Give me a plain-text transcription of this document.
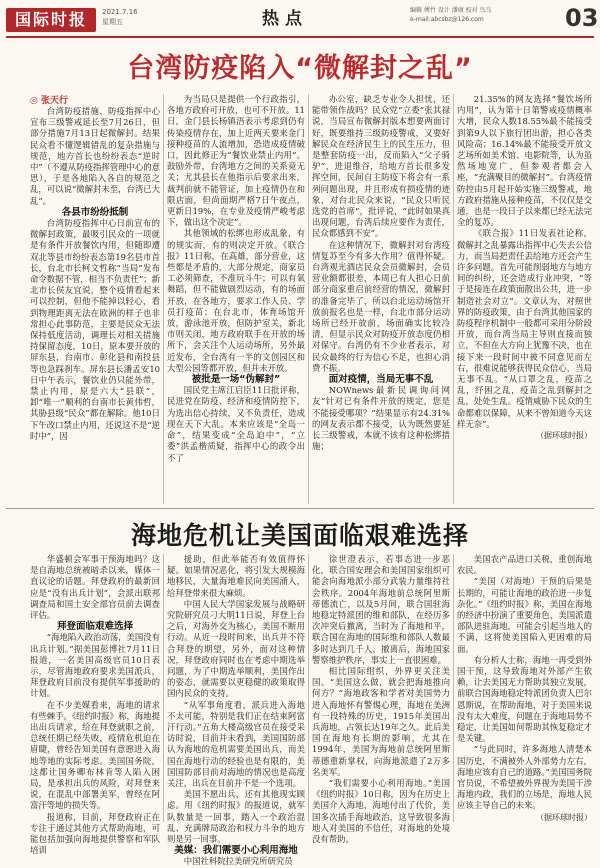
国际时报	2021.7.16
星期五	热点	编辑 傅竹 设计 潘康 校对 鸟乌
e-mail:abcsbz@126.com	03
台湾防疫陷入“微解封之乱”
◎ 张天行

台湾防疫措施、防疫指挥中心宣布三级警戒延长至7月26日，但部分措施7月13日起微解封。结果民众看不懂逻辑错乱的复杂措施与规范，地方首长也纷纷表态“逆时中”（不遵从防疫指挥管理中心的意思），于是各地陷入各自的规范之乱，可以说“微解封未至，台湾已大乱”。

各县市纷纷抵制

台湾防疫指挥中心日前宣布的微解封政策，最吸引民众的一项就是有条件开放餐饮内用，但随即遭双北等县市纷纷表态第19名县市首长，台北市长柯文哲称“当局”发布命令数据不管，相当不负责任”；新北市长侯友宜说，整个疫情看起来可以控制，但他不能掉以轻心，看到物理距离无法在欧洲的样子也非常担心此事防范，主要是民众无法保持低度活动，调理长对相关措施持保留态度，10日，原本要开放的屏东县，台南市、彰化县和南投县等也急踩刹车。屏东县长潘孟安10日中午表示，餐饮业仍只能外带，禁止内用，原是六大“县联”，卸“唯一”顺利的台南市长黄伟哲，其胁县级“民众”都在解除。他10日下午改口禁止内用，还说这不是“逆时中”，因

为当局只是提供一个行政指引，各地方政府可开放，也可不开放。11日，金门县长杨镇浯表示考虑到仍有传染疫情存在，加上近两天要来金门接种疫苗的人流增加，恐造成疫情破口，因此修正为“餐饮业禁止内用”。鼓励外带，台湾地方之间的关系竟无关；尤其县长在他指示后要求出来，裁判前就不能管证，加上疫情仍在和限店面，但尚面期严格7日午夜点，更新日19%，在专业及疫情严峻考虑下，做出这个决定”。

其他领域的松绑也形成乱象，有的规实而，有的则决定开放。《联合报》11日称，在高雄，部分营业，这些都是矛盾的，大部分规定，商家员工必须筛查，不准玩斗牛；可以有氧舞蹈，但不能做剧烈运动，有的场面开放，在各地方，要求工作人员、学员打疫苗；在台北市，体育场馆开放，游泳池开放，但防护室关，新北市则关闭，地方政府联手在开放的场所下，会关注个人运动场所，另外最近发布，全台湾有一半的文创园区和大型公园等都开放，但并未开放。

被批是一场“伪解封”

国民党主席江启臣11日批评称，民进党在防疫、经济和疫情防控下，为选出信心持续，又不负责任，造成现在天下大乱。本来应该是“全岛一命”，结果变成“全岛迫中”，“立委”洪孟楷质疑，指挥中心的政令出不了

办公室，缺乏专业令人担忧，还能带领作战吗？民众党“立委”张其禄说，当局宣布微解封版本想要两面讨好，既要维持三级防疫警戒，又要好解民众在经济民生上的民生压力，但是整套防疫一出，反而陷入“父子骑驴”，进退维谷，给地方首长很多发挥空间，民间自主防疫下将会有一系列问题出现，并且形成有损疫情的迹象，对台北民众来说，“民众只听民选党的首席”，批评说，“此时如果真出现问题，台湾后续应要作为责任，民众都感到不安”。

在这种情况下，微解封对台湾疫情复苏至今有多大作用？值得怀疑。台湾观光酒店民众会员微解封，会员营业额都很差，本周已有人担心日前部分商家重启前经营的情况，微解封的准备完毕了，所以台北运动场馆开放前报名也是一样，台北市部分运动场所已经开放前，场面确实比较冷清，但显示民众对防疫开放态度仍相对保守。台湾仍有不少业者表示，对民众最终的行为信心不足，也担心消费不振。

面对疫情，当局无事不乱

NOWnews最新民调询问网友“针对已有条件开放的规定，您是不能接受哪项？”结果显示有24.31%的网友表示都不接受，认为既然要延长三级警戒，本就不该有这种松绑措施；

21.35%的网友选择“餐饮场所内用”，认为第十日第警戒疫情概率大增，民众人数18.55%最不能接受到第9人以下旅行团出游，担心各类风险高；16.14%最不能接受开放文艺场所如美术馆、电影院等，认为虽然场地宽广，但参观者都会入座，“充满聚目的微解封”。台湾疫情防控由5月起开始实施三级警戒，地方政府措施从接种疫苗，不仅仅是交通，也是一段日子以来都已经无法完全的复苏。

《联合报》11日发表社论称，微解封之乱暴露出指挥中心失去公信力，而当局把责任丢给地方还会产生许多问题。首先可能削弱地方与地方间的纠纷，还会造成行业冲突，“等于是接连在政策面散出公共，进一步制造社会对立”。文章认为，对照世界的防疫政策，由于台湾其他国家的防疫程序机制中一般都可采用分阶段开放，而台湾当局主导则直接而独立，不但在大方向上犹豫不决，也在接下来一段时间中被不同意见而左右，很难说能够获得民众信心，当局无事不乱。“从口罩之乱，疫苗之乱，纾困之乱，疫苗之乱到解封之乱，处处生乱。疫情威胁下民众的生命都难以保障，从来不曾知道今天这样无奈”。

（据环球时报）

海地危机让美国面临艰难选择

华盛顿会军事干预海地吗？这是自海地总统被暗杀以来，媒体一直议论的话题。拜登政府的最新回应是“没有出兵计划”，会派出联邦调查局和国土安全部官员前去调查评估。

拜登面临艰难选择

“海地陷入政治动荡，美国没有出兵计划。”据美国彭博社7月11日报道，一名美国高级官员10日表示，尽管海地政府要求美国派兵，拜登政府目前没有提供军事援助的计划。

在不少美媒看来，海地的请求有些棘手。《纽约时报》称，海地提出出兵请求，给在拜登就职之前，总统任期已经失败，疫情危机迫在眉睫，曾经告知美国有意愿进入海地等地的实际考虑。美国国务院，这都让国务卿布林肯等人陷入困局，是承担出兵的风险，对拜登来说，在混乱中部署美军，曾经在阿富汗等地的损失等。

报道称，目前，拜登政府正在专注于通过其他方式帮助海地，可能包括加强向海地提供警察和军队培训

援助，但此举能否有效值得怀疑。如果情况恶化，将引发大规模海地移民，大量海地难民向美国涌入，给拜登带来很大麻烦。

中国人民大学国家发展与战略研究院研究员刁大明11日说，拜登上台之后，对海外交为核心，美国不断用行动。从近一段时间来，出兵并不符合拜登的期望，另外，面对这种情况，拜登政府同时也在考虑中期选举问题，为了中期选举顺利，美国作出的姿态，就需要以更稳健的政策取得国内民众的支持。

“从军事角度看，派兵进入海地不太可能，特别是我们正在结束阿富汗行动。”五角大楼高级官员在接受采访时说，目前并未看到，美国国防部认为海地的危机需要美国出兵，而美国在海地行动的经验也是有限的，美国国防部目前对海地的情况也是高度关注，出兵在目前并不是一个选项。

美国不愿出兵，还有其他现实顾虑。用《纽约时报》的报道说，就军队数量是一回事，踏入一个政治混乱、充满牌局政治和权力斗争的地方则是另一回事。

美媒：我们需要小心利用海地

中国社科院拉美研究所研究员

徐世澄表示，若事态进一步恶化，联合国安理会和美国国家组织可能会向海地派小部分武装力量维持社会秩序。2004年海地前总统阿里斯蒂德流亡，以及5月间，联合国驻海地稳定特派团的维和部队，在经历多次冲突后撤离，当时为了海地和平，联合国在海地的国际维和部队人数最多时达到几千人，撤离后，海地国家警察维护秩序，事实上一直很困难。

相比国际组织，外界更关注美国。“美国这么做，就会把海地推向何方？”海地政客和学者对美国势力进入海地怀有警惕心理，海地在美洲有一段特殊的历史，1915年美国出兵海地，占领长达19年之久。此后美国在海地有长期的影响，尤其在1994年，美国为海地前总统阿里斯蒂德重新掌权，向海地派遣了2万多名美军。

“我们需要小心利用海地。”美国《纽约时报》10日称，因为在历史上美国介入海地，海地付出了代价，美国多次插手海地政治，这导致很多海地人对美国的不信任，对海地的处境没有帮助。

美国农产品进口关税，重创海地农民。

“美国（对海地）干预的后果是长期的，可能让海地的政治进一步复杂化。”《纽约时报》称，美国在海地的经济中扮演了重要角色，美国派遣部队进驻海地，可能会引起当地人的不满，这将使美国陷入更困难的局面。

有分析人士称，海地一再受到外国干预，这导致海地对外部产生依赖，让去美国无力帮助其独立发展，前联合国海地稳定特派团负责人巴尔恩斯说，在帮助海地，对于美国来说没有太大难度，问题在于海地局势不稳定，让美国如何帮助其恢复稳定才是关键。

“与此同时，许多海地人清楚本国历史，不满被外人外部势力左右，海地应该有自己的道路。”美国国务院官员说，不希望被外界视为美国干涉海地内政，我们的立场是，海地人民应该主导自己的未来。

（据环球时报）
